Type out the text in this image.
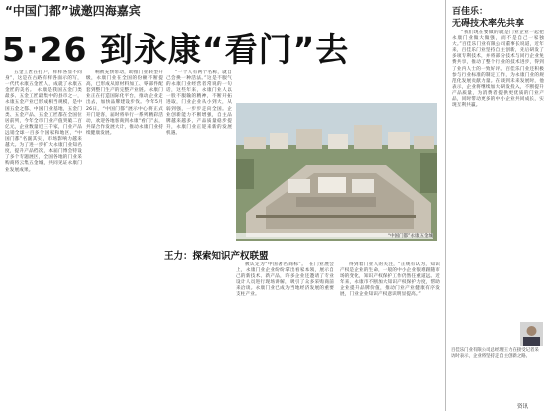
“中国门都”诚邀四海嘉宾
5·26 到永康“看门”去
百佳乐：
无碍技术率先共享

“我们现在要做的就是门业企业一起把永康门业做大做强，而不是自己一家独大。”百佳乐门业有限公司董事长说道，近年来，百佳乐门业坚持自主创新，先后研发了多项专利技术，并将部分技术与同行企业免费共享，推动了整个行业的技术进步，得到了业内人士的一致好评。百佳乐门业还积极参与行业标准的制定工作，为永康门业的规范化发展贡献力量。在谈到未来发展时，他表示，企业将继续加大研发投入，不断提升产品质量，为消费者提供更优质的门业产品，同时带动更多的中小企业共同成长，实现互利共赢。

五金工匠在打户，样样各显不同身”，这是在古路有样各面示的写，一代代永康五金匠人，成就了永康五金匠的美名。　永康是我国五金门类最多、五金工匠最集中的县市之一，永康五金产业已形成相当规模，是中国五金之都、中国门业基地，五金门类、五金产品、五金工匠都在全国位居前列，今年全市门业产值突破二百亿元，企业数量近三千家，门业产品远销全球一百多个国家和地区，“中国门都”名副其实，市场影响力越来越大。为了进一步扩大永康门业知名度，提升产品档次，本届门博会特设了多个专题展区，全国各地的门业采购商将云集五金城，共同见证永康门业发展成果。

响被充快带动，助推门业转型升级，永康门业在全国的份额不断提高，已形成从原材料加工、零部件配套到整门生产的完整产业链。永康门业正在打造国际化平台，推动企业走出去，加快品牌建设步伐。今年5月26日，“中国门都”展示中心将正式开门迎客，届时将举行一系列精彩活动，欢迎各地客商到永康“看门”去，共谋合作发展大计，推动永康门业持续健康发展。

“一个人有两个名称，就自己会换一种活法。”这是不服气的永康门业经营者常说的一句话，这些年来，永康门业人以一股不服输的精神，不断开拓进取，门业企业从小到大，从弱到强，一步步走向全国。企业创新能力不断增强，自主品牌越来越多，产品质量稳步提升，永康门业正迎来新的发展机遇。

“中国门都”永康五金城
王力：探索知识产权联盟

被认定为“中国著名商标”。　在门业展会上，永康门业企业纷纷拿出看家本领，展示自己的新技术、新产品，许多企业还邀请了专业设计人员进行现场讲解，吸引了众多采购商前来洽谈。永康门业已成为当地经济发展的重要支柱产业。

得到着门业人的关注，“正规有认为，知识产权是企业的生命，一般的中小企业很难跟随市场的变化，知识产权保护工作仍然任重道远。近年来，永康市不断加大知识产权保护力度，帮助企业提升品牌价值，推动门业产业健康有序发展，门业企业知识产权意识明显提高。”

百佳乐门业有限公司总经理王力在接受记者采访时表示，企业将坚持走自主创新之路。
资讯
